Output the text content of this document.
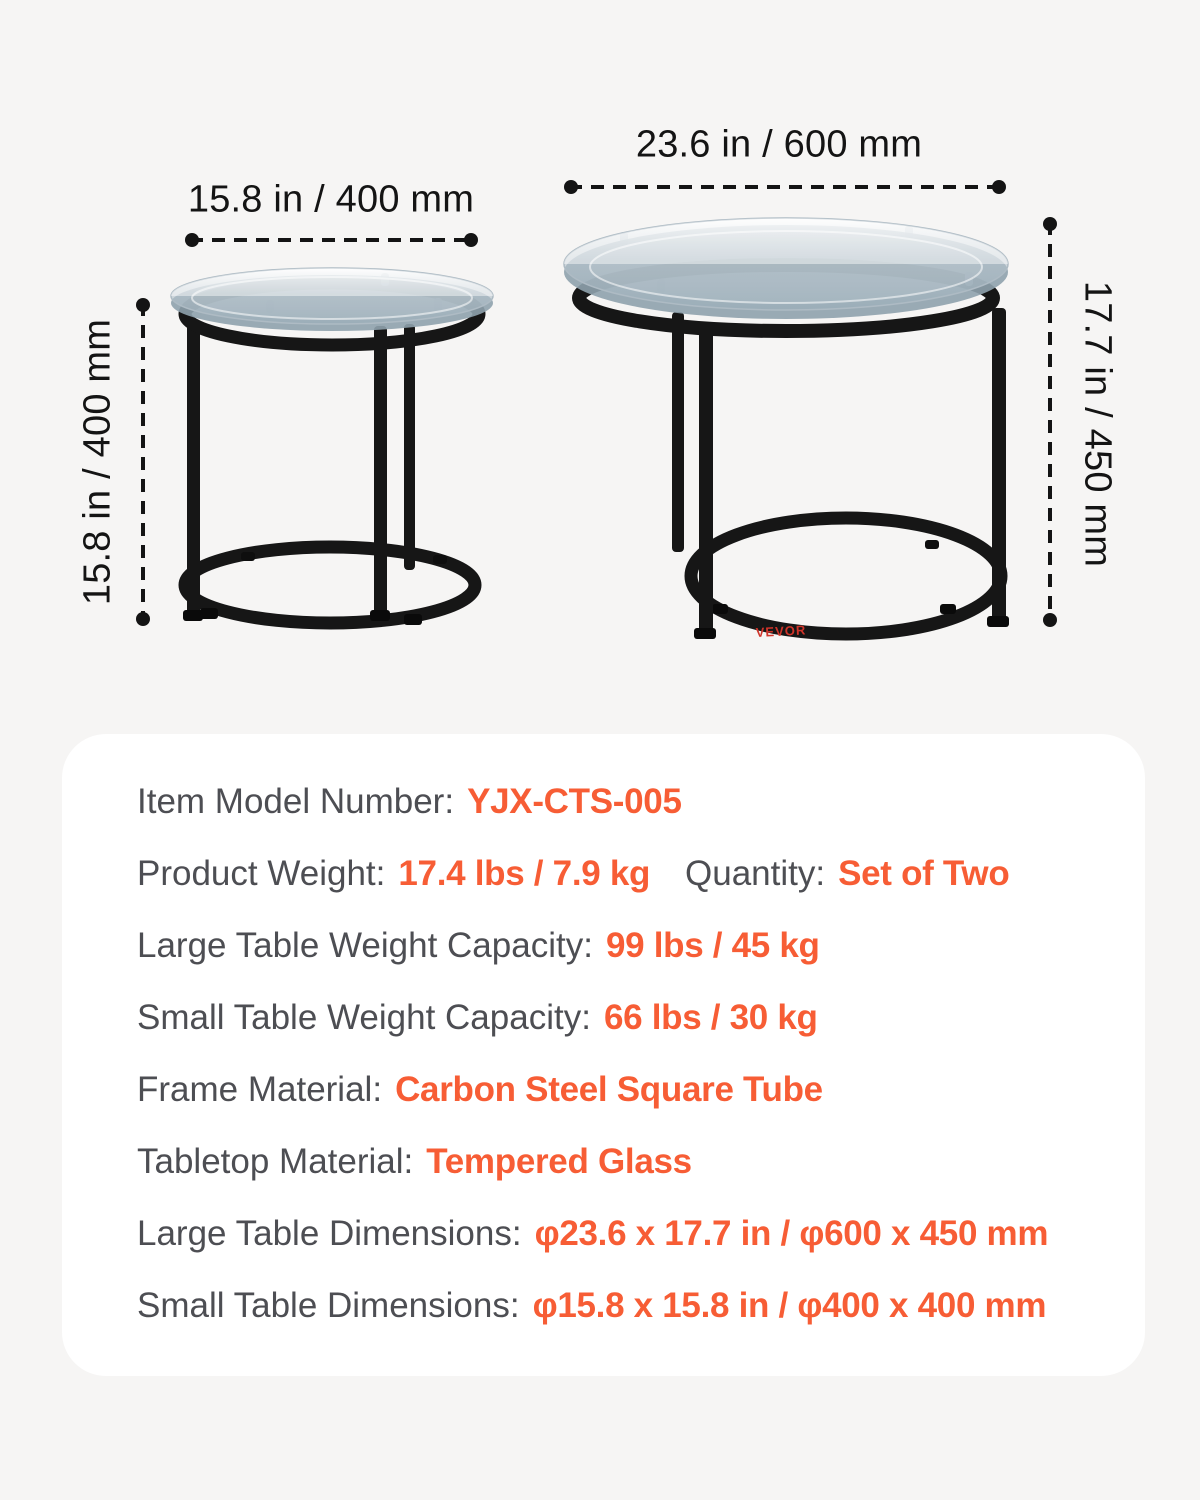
VEVOR
15.8 in / 400 mm
23.6 in / 600 mm
15.8 in / 400 mm	17.7 in / 450 mm
Item Model Number: YJX-CTS-005
Product Weight: 17.4 lbs / 7.9 kg Quantity: Set of Two
Large Table Weight Capacity: 99 lbs / 45 kg
Small Table Weight Capacity: 66 lbs / 30 kg
Frame Material: Carbon Steel Square Tube
Tabletop Material: Tempered Glass
Large Table Dimensions: φ23.6 x 17.7 in / φ600 x 450 mm
Small Table Dimensions: φ15.8 x 15.8 in / φ400 x 400 mm
